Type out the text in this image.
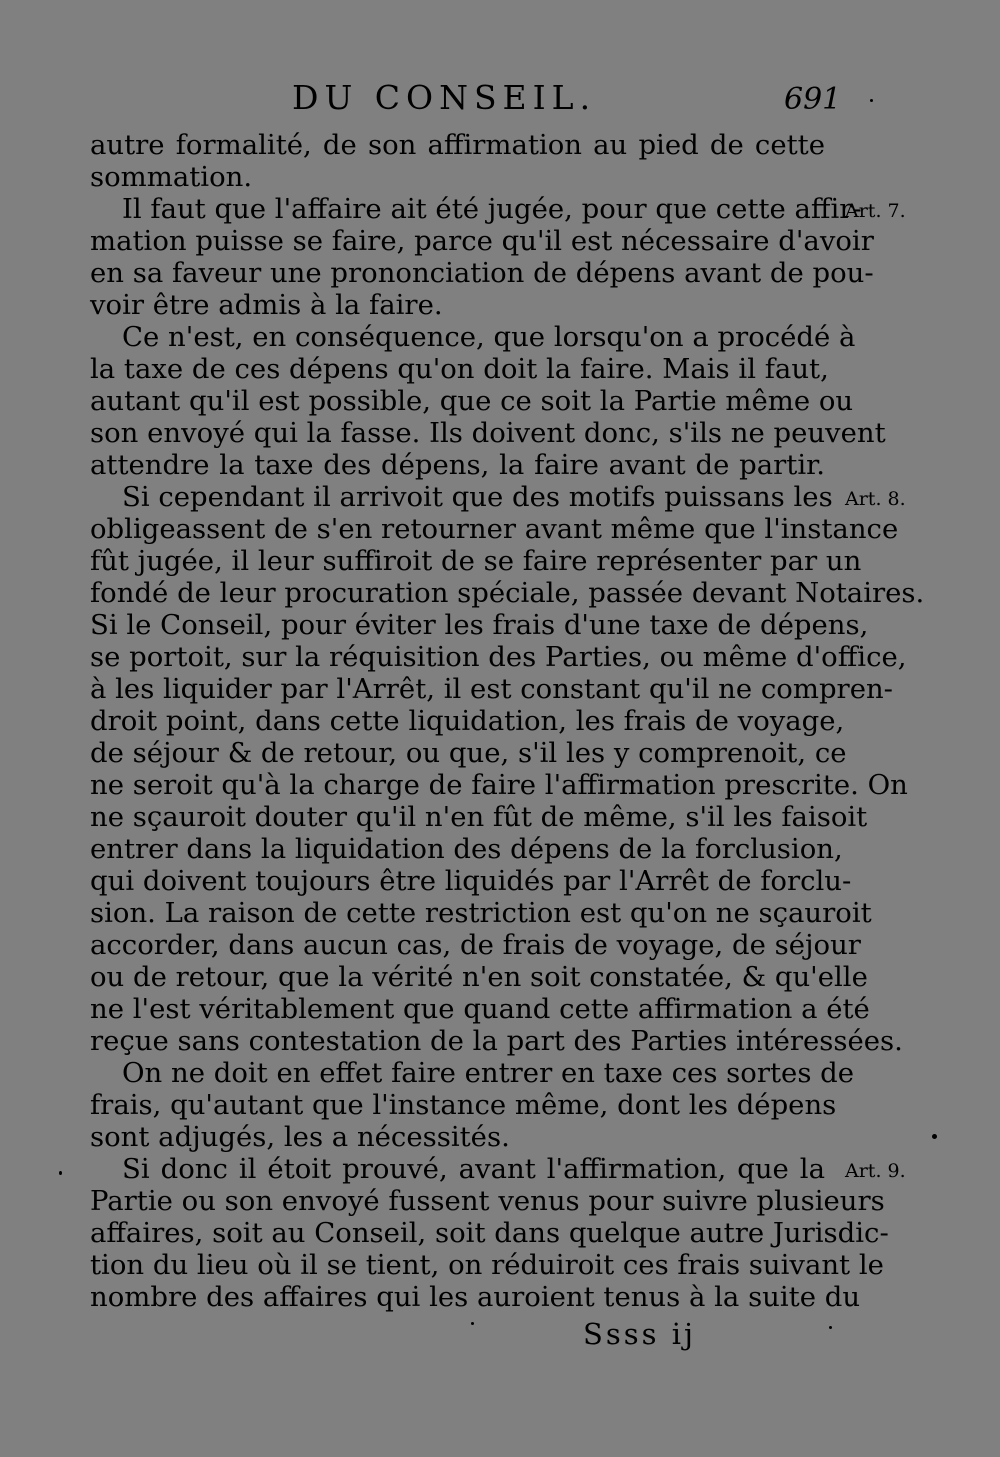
DU CONSEIL.	691
autre formalité, de son affirmation au pied de cette
sommation.
Il faut que l'affaire ait été jugée, pour que cette affir-
mation puisse se faire, parce qu'il est nécessaire d'avoir
en sa faveur une prononciation de dépens avant de pou-
voir être admis à la faire.
Ce n'est, en conséquence, que lorsqu'on a procédé à
la taxe de ces dépens qu'on doit la faire. Mais il faut,
autant qu'il est possible, que ce soit la Partie même ou
son envoyé qui la fasse. Ils doivent donc, s'ils ne peuvent
attendre la taxe des dépens, la faire avant de partir.
Si cependant il arrivoit que des motifs puissans les
obligeassent de s'en retourner avant même que l'instance
fût jugée, il leur suffiroit de se faire représenter par un
fondé de leur procuration spéciale, passée devant Notaires.
Si le Conseil, pour éviter les frais d'une taxe de dépens,
se portoit, sur la réquisition des Parties, ou même d'office,
à les liquider par l'Arrêt, il est constant qu'il ne compren-
droit point, dans cette liquidation, les frais de voyage,
de séjour & de retour, ou que, s'il les y comprenoit, ce
ne seroit qu'à la charge de faire l'affirmation prescrite. On
ne sçauroit douter qu'il n'en fût de même, s'il les faisoit
entrer dans la liquidation des dépens de la forclusion,
qui doivent toujours être liquidés par l'Arrêt de forclu-
sion. La raison de cette restriction est qu'on ne sçauroit
accorder, dans aucun cas, de frais de voyage, de séjour
ou de retour, que la vérité n'en soit constatée, & qu'elle
ne l'est véritablement que quand cette affirmation a été
reçue sans contestation de la part des Parties intéressées.
On ne doit en effet faire entrer en taxe ces sortes de
frais, qu'autant que l'instance même, dont les dépens
sont adjugés, les a nécessités.
Si donc il étoit prouvé, avant l'affirmation, que la
Partie ou son envoyé fussent venus pour suivre plusieurs
affaires, soit au Conseil, soit dans quelque autre Jurisdic-
tion du lieu où il se tient, on réduiroit ces frais suivant le
nombre des affaires qui les auroient tenus à la suite du
Art. 7.
Art. 8.
Art. 9.
Ssss ij
